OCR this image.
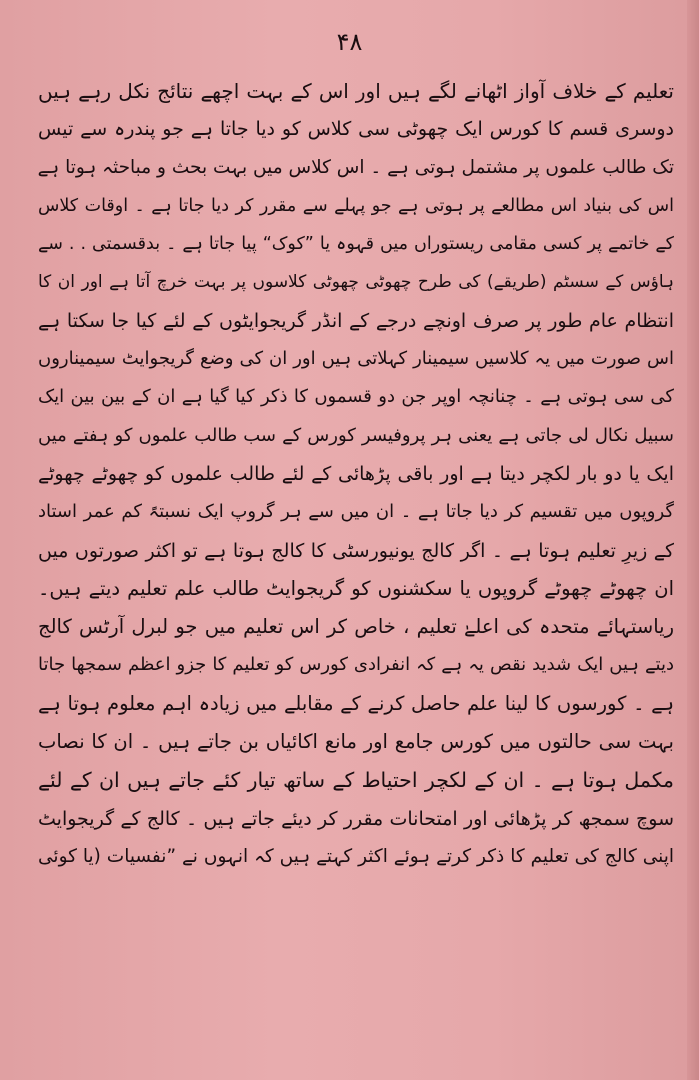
۴۸
تعلیم کے خلاف آواز اٹھانے لگے ہیں اور اس کے بہت اچھے نتائج نکل رہے ہیں
دوسری قسم کا کورس ایک چھوٹی سی کلاس کو دیا جاتا ہے جو پندرہ سے تیس
تک طالب علموں پر مشتمل ہوتی ہے ۔ اس کلاس میں بہت بحث و مباحثہ ہوتا ہے
اس کی بنیاد اس مطالعے پر ہوتی ہے جو پہلے سے مقرر کر دیا جاتا ہے ۔ اوقات کلاس
کے خاتمے پر کسی مقامی ریستوراں میں قہوہ یا ”کوک“ پیا جاتا ہے ۔ بدقسمتی . . سے
ہاؤس کے سسٹم (طریقے) کی طرح چھوٹی چھوٹی کلاسوں پر بہت خرچ آتا ہے اور ان کا
انتظام عام طور پر صرف اونچے درجے کے انڈر گریجوایٹوں کے لئے کیا جا سکتا ہے
اس صورت میں یہ کلاسیں سیمینار کہلاتی ہیں اور ان کی وضع گریجوایٹ سیمیناروں
کی سی ہوتی ہے ۔ چنانچہ اوپر جن دو قسموں کا ذکر کیا گیا ہے ان کے بین بین ایک
سبیل نکال لی جاتی ہے یعنی ہر پروفیسر کورس کے سب طالب علموں کو ہفتے میں
ایک یا دو بار لکچر دیتا ہے اور باقی پڑھائی کے لئے طالب علموں کو چھوٹے چھوٹے
گروپوں میں تقسیم کر دیا جاتا ہے ۔ ان میں سے ہر گروپ ایک نسبتہً کم عمر استاد
کے زیرِ تعلیم ہوتا ہے ۔ اگر کالج یونیورسٹی کا کالج ہوتا ہے تو اکثر صورتوں میں
ان چھوٹے چھوٹے گروپوں یا سکشنوں کو گریجوایٹ طالب علم تعلیم دیتے ہیں۔
ریاستہائے متحدہ کی اعلےٰ تعلیم ، خاص کر اس تعلیم میں جو لبرل آرٹس کالج
دیتے ہیں ایک شدید نقص یہ ہے کہ انفرادی کورس کو تعلیم کا جزو اعظم سمجھا جاتا
ہے ۔ کورسوں کا لینا علم حاصل کرنے کے مقابلے میں زیادہ اہم معلوم ہوتا ہے
بہت سی حالتوں میں کورس جامع اور مانع اکائیاں بن جاتے ہیں ۔ ان کا نصاب
مکمل ہوتا ہے ۔ ان کے لکچر احتیاط کے ساتھ تیار کئے جاتے ہیں ان کے لئے
سوچ سمجھ کر پڑھائی اور امتحانات مقرر کر دیئے جاتے ہیں ۔ کالج کے گریجوایٹ
اپنی کالج کی تعلیم کا ذکر کرتے ہوئے اکثر کہتے ہیں کہ انہوں نے ”نفسیات (یا کوئی
